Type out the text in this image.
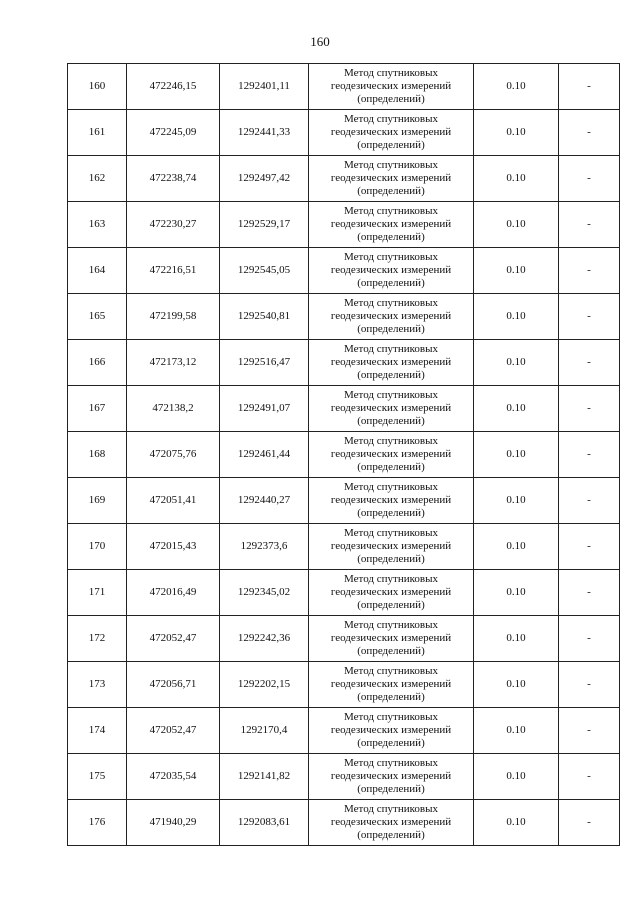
160
160	472246,15	1292401,11	Метод спутниковых
геодезических измерений
(определений)	0.10	-
161	472245,09	1292441,33	Метод спутниковых
геодезических измерений
(определений)	0.10	-
162	472238,74	1292497,42	Метод спутниковых
геодезических измерений
(определений)	0.10	-
163	472230,27	1292529,17	Метод спутниковых
геодезических измерений
(определений)	0.10	-
164	472216,51	1292545,05	Метод спутниковых
геодезических измерений
(определений)	0.10	-
165	472199,58	1292540,81	Метод спутниковых
геодезических измерений
(определений)	0.10	-
166	472173,12	1292516,47	Метод спутниковых
геодезических измерений
(определений)	0.10	-
167	472138,2	1292491,07	Метод спутниковых
геодезических измерений
(определений)	0.10	-
168	472075,76	1292461,44	Метод спутниковых
геодезических измерений
(определений)	0.10	-
169	472051,41	1292440,27	Метод спутниковых
геодезических измерений
(определений)	0.10	-
170	472015,43	1292373,6	Метод спутниковых
геодезических измерений
(определений)	0.10	-
171	472016,49	1292345,02	Метод спутниковых
геодезических измерений
(определений)	0.10	-
172	472052,47	1292242,36	Метод спутниковых
геодезических измерений
(определений)	0.10	-
173	472056,71	1292202,15	Метод спутниковых
геодезических измерений
(определений)	0.10	-
174	472052,47	1292170,4	Метод спутниковых
геодезических измерений
(определений)	0.10	-
175	472035,54	1292141,82	Метод спутниковых
геодезических измерений
(определений)	0.10	-
176	471940,29	1292083,61	Метод спутниковых
геодезических измерений
(определений)	0.10	-
